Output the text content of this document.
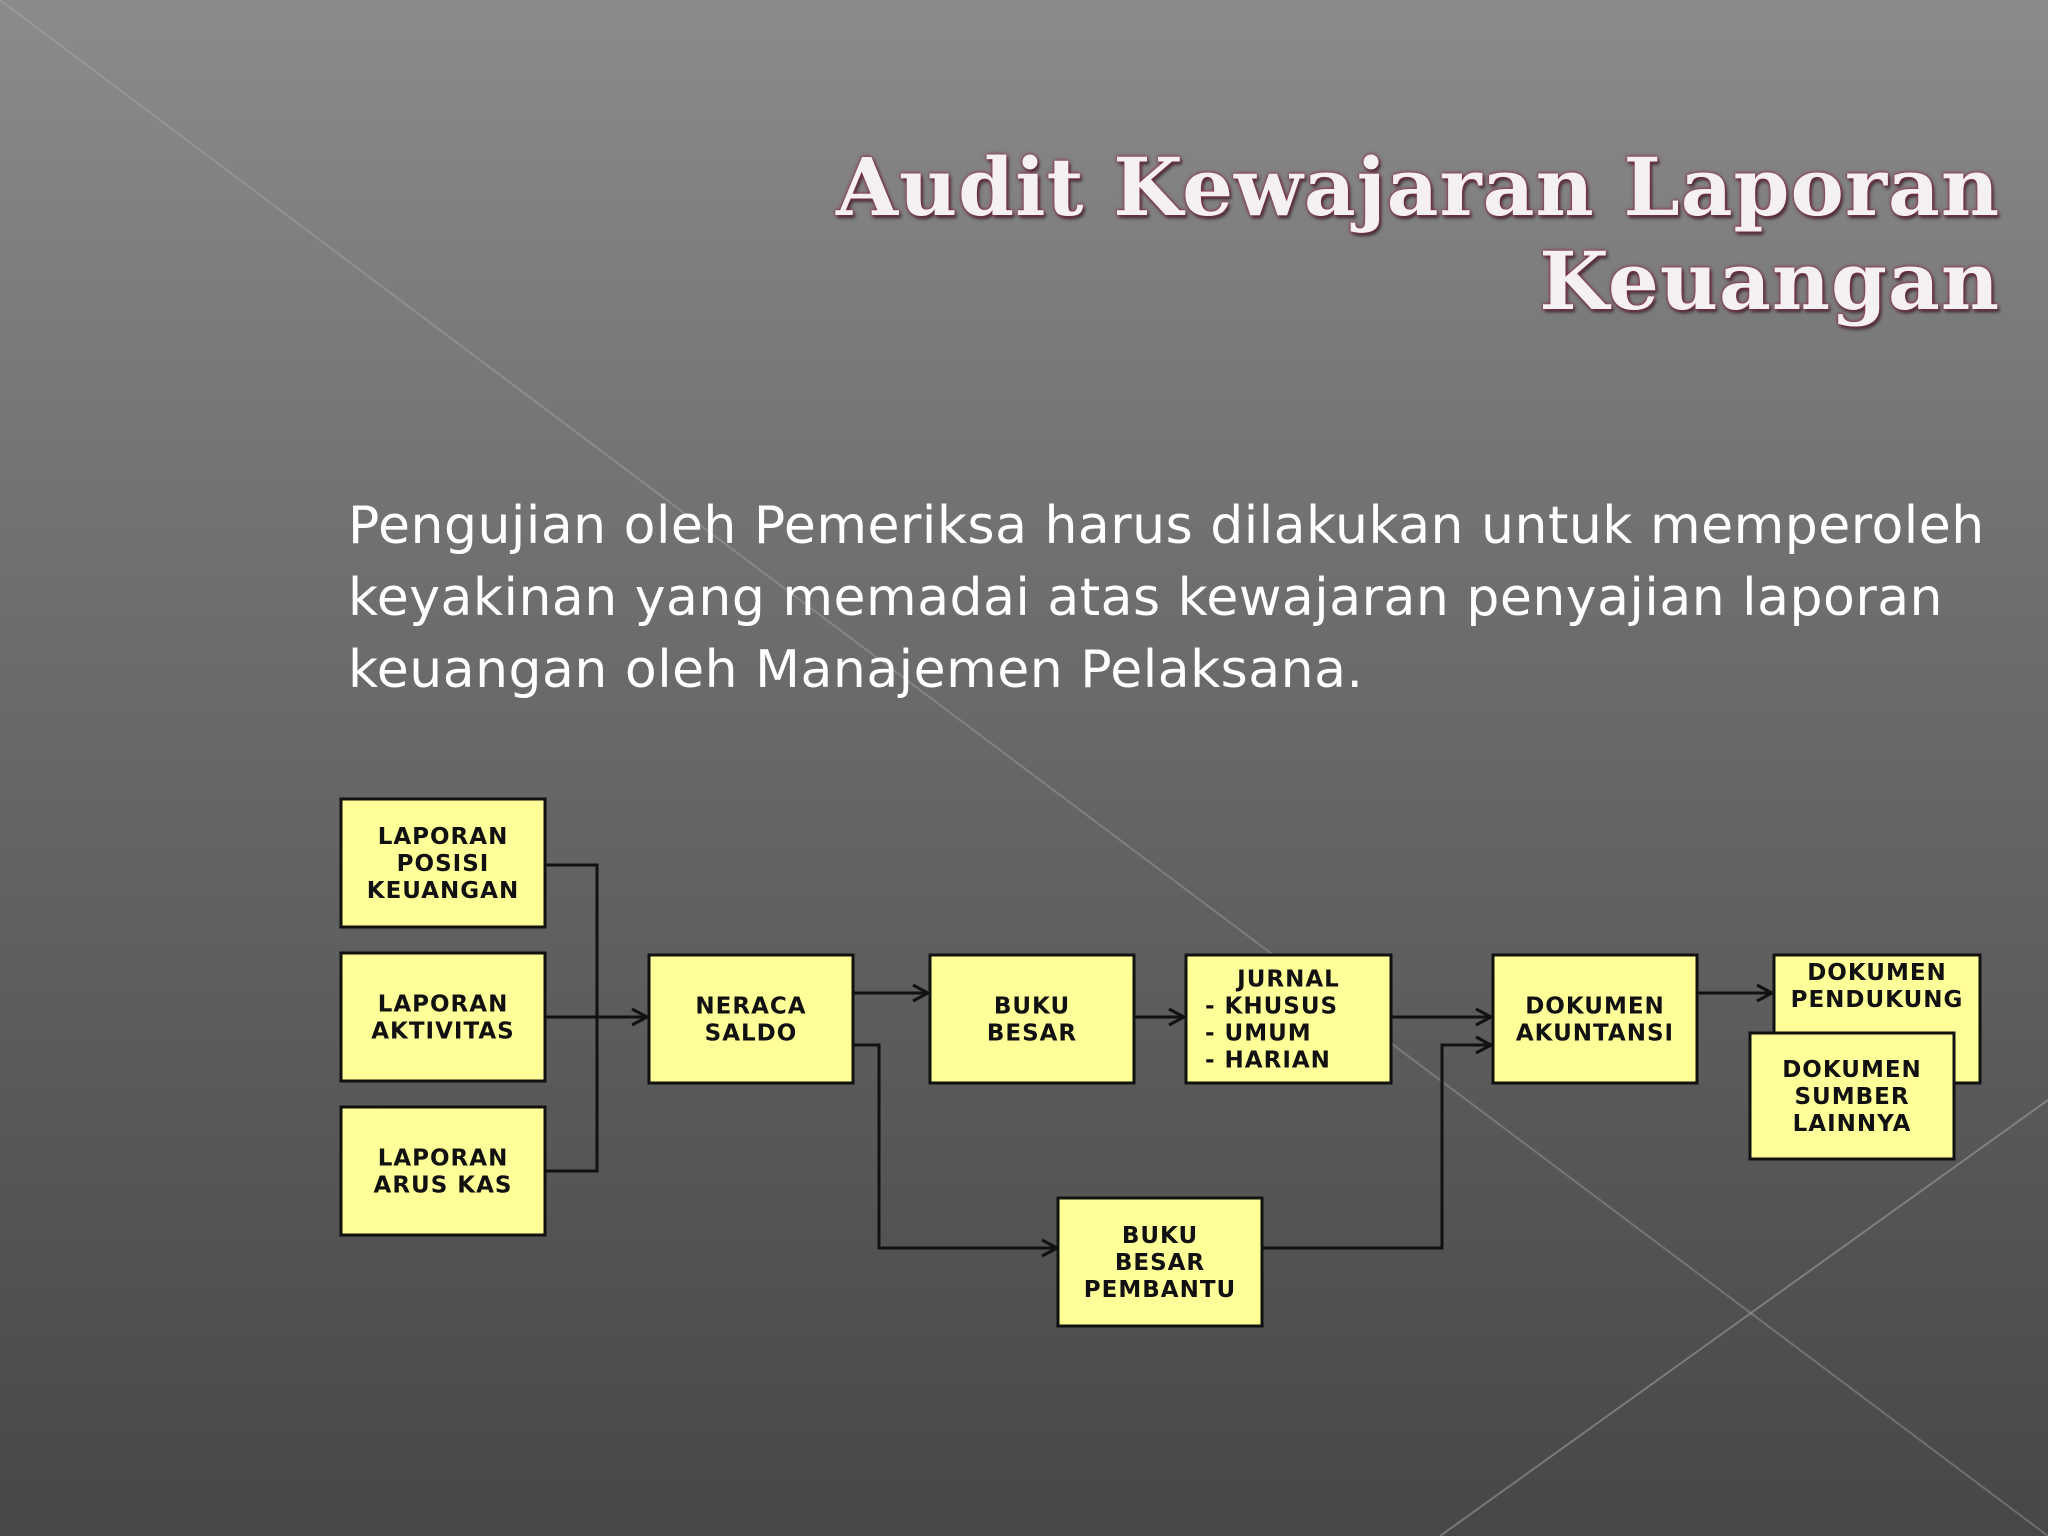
Audit Kewajaran Laporan Keuangan

Pengujian oleh Pemeriksa harus dilakukan untuk memperoleh keyakinan yang memadai atas kewajaran penyajian laporan keuangan oleh Manajemen Pelaksana.

LAPORAN POSISI KEUANGAN
LAPORAN AKTIVITAS
LAPORAN ARUS KAS
NERACA SALDO
BUKU BESAR
JURNAL - KHUSUS - UMUM - HARIAN
DOKUMEN AKUNTANSI
DOKUMEN PENDUKUNG
DOKUMEN SUMBER LAINNYA
BUKU BESAR PEMBANTU
